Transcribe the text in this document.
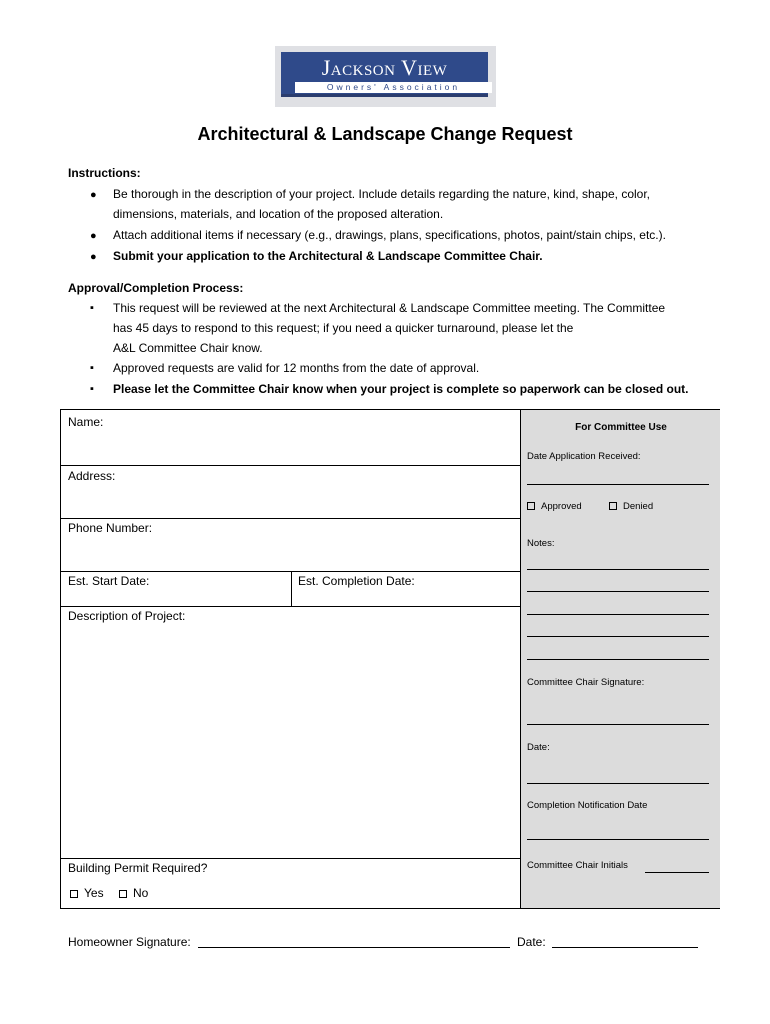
Jackson View
Owners' Association
Architectural & Landscape Change Request
Instructions:
● Be thorough in the description of your project. Include details regarding the nature, kind, shape, color,
dimensions, materials, and location of the proposed alteration.
● Attach additional items if necessary (e.g., drawings, plans, specifications, photos, paint/stain chips, etc.).
● Submit your application to the Architectural & Landscape Committee Chair.
Approval/Completion Process:
▪ This request will be reviewed at the next Architectural & Landscape Committee meeting. The Committee
has 45 days to respond to this request; if you need a quicker turnaround, please let the
A&L Committee Chair know.
▪ Approved requests are valid for 12 months from the date of approval.
▪ Please let the Committee Chair know when your project is complete so paperwork can be closed out.
Name:
Address:
Phone Number:
Est. Start Date:	Est. Completion Date:
Description of Project:
Building Permit Required?
Yes	No
For Committee Use
Date Application Received:
Approved	Denied
Notes:
Committee Chair Signature:
Date:
Completion Notification Date
Committee Chair Initials
Homeowner Signature:	Date:
